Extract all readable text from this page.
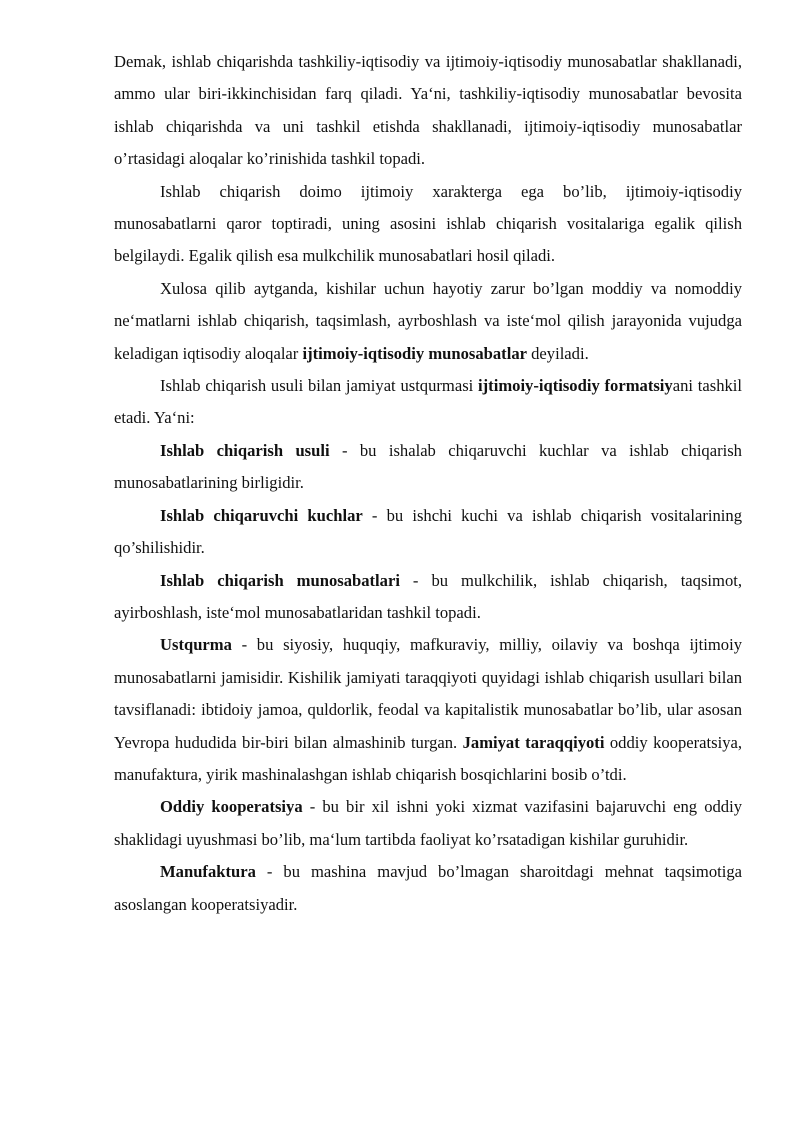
Demak, ishlab chiqarishda tashkiliy-iqtisodiy va ijtimoiy-iqtisodiy munosabatlar shakllanadi, ammo ular biri-ikkinchisidan farq qiladi. Ya‘ni, tashkiliy-iqtisodiy munosabatlar bevosita ishlab chiqarishda va uni tashkil etishda shakllanadi, ijtimoiy-iqtisodiy munosabatlar o’rtasidagi aloqalar ko’rinishida tashkil topadi.

Ishlab chiqarish doimo ijtimoiy xarakterga ega bo’lib, ijtimoiy-iqtisodiy munosabatlarni qaror toptiradi, uning asosini ishlab chiqarish vositalariga egalik qilish belgilaydi. Egalik qilish esa mulkchilik munosabatlari hosil qiladi.

Xulosa qilib aytganda, kishilar uchun hayotiy zarur bo’lgan moddiy va nomoddiy ne‘matlarni ishlab chiqarish, taqsimlash, ayrboshlash va iste‘mol qilish jarayonida vujudga keladigan iqtisodiy aloqalar ijtimoiy-iqtisodiy munosabatlar deyiladi.

Ishlab chiqarish usuli bilan jamiyat ustqurmasi ijtimoiy-iqtisodiy formatsiyani tashkil etadi. Ya‘ni:

Ishlab chiqarish usuli - bu ishalab chiqaruvchi kuchlar va ishlab chiqarish munosabatlarining birligidir.

Ishlab chiqaruvchi kuchlar - bu ishchi kuchi va ishlab chiqarish vositalarining qo’shilishidir.

Ishlab chiqarish munosabatlari - bu mulkchilik, ishlab chiqarish, taqsimot, ayirboshlash, iste‘mol munosabatlaridan tashkil topadi.

Ustqurma - bu siyosiy, huquqiy, mafkuraviy, milliy, oilaviy va boshqa ijtimoiy munosabatlarni jamisidir. Kishilik jamiyati taraqqiyoti quyidagi ishlab chiqarish usullari bilan tavsiflanadi: ibtidoiy jamoa, quldorlik, feodal va kapitalistik munosabatlar bo’lib, ular asosan Yevropa hududida bir-biri bilan almashinib turgan. Jamiyat taraqqiyoti oddiy kooperatsiya, manufaktura, yirik mashinalashgan ishlab chiqarish bosqichlarini bosib o’tdi.

Oddiy kooperatsiya - bu bir xil ishni yoki xizmat vazifasini bajaruvchi eng oddiy shaklidagi uyushmasi bo’lib, ma‘lum tartibda faoliyat ko’rsatadigan kishilar guruhidir.

Manufaktura - bu mashina mavjud bo’lmagan sharoitdagi mehnat taqsimotiga asoslangan kooperatsiyadir.
